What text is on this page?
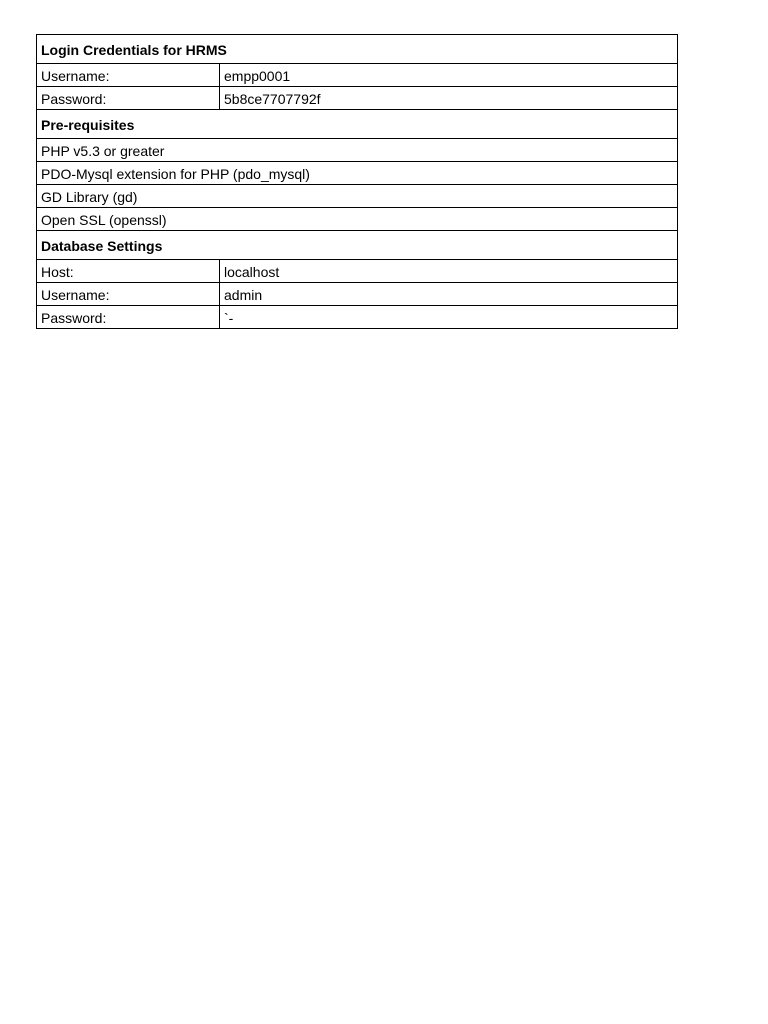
Login Credentials for HRMS	
Username:	empp0001
Password:	5b8ce7707792f
Pre-requisites	
PHP v5.3 or greater	
PDO-Mysql extension for PHP (pdo_mysql)	
GD Library (gd)	
Open SSL (openssl)	
Database Settings	
Host:	localhost
Username:	admin
Password:	`-
